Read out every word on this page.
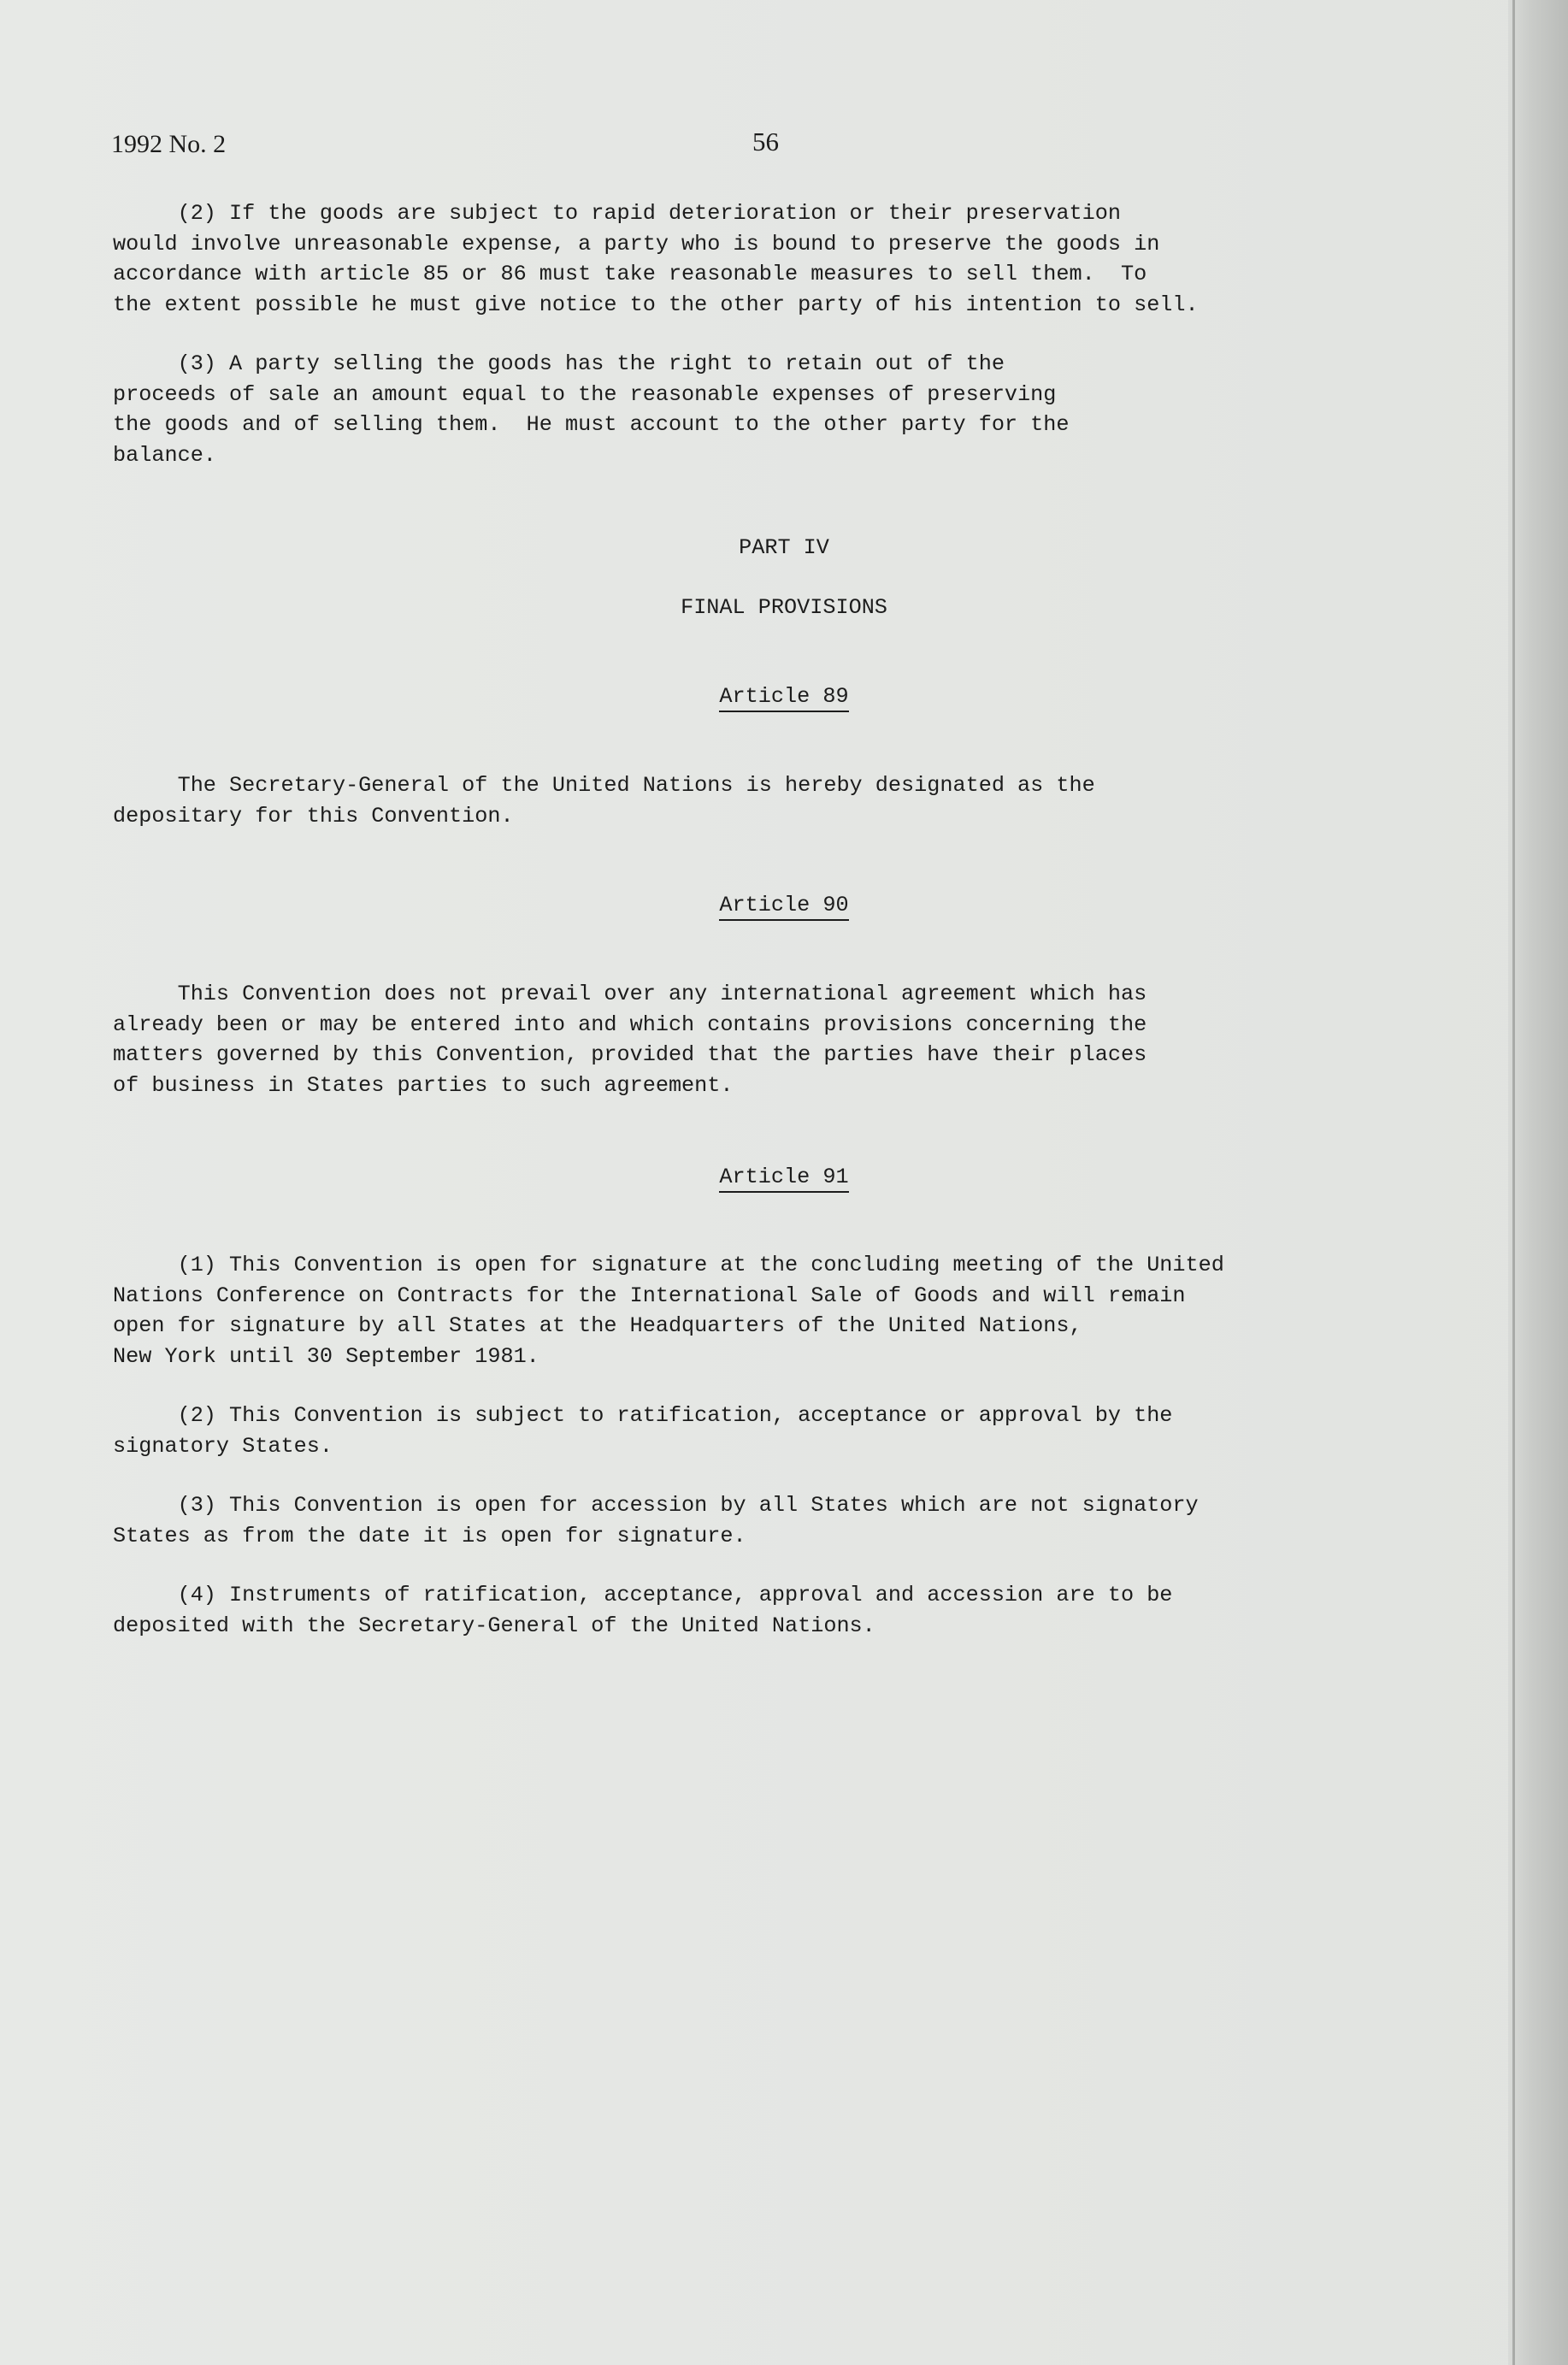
1992 No. 2	56

(2) If the goods are subject to rapid deterioration or their preservation
would involve unreasonable expense, a party who is bound to preserve the goods in
accordance with article 85 or 86 must take reasonable measures to sell them.  To
the extent possible he must give notice to the other party of his intention to sell.

(3) A party selling the goods has the right to retain out of the
proceeds of sale an amount equal to the reasonable expenses of preserving
the goods and of selling them.  He must account to the other party for the
balance.

PART IV

FINAL PROVISIONS

Article 89

The Secretary-General of the United Nations is hereby designated as the
depositary for this Convention.

Article 90

This Convention does not prevail over any international agreement which has
already been or may be entered into and which contains provisions concerning the
matters governed by this Convention, provided that the parties have their places
of business in States parties to such agreement.

Article 91

(1) This Convention is open for signature at the concluding meeting of the United
Nations Conference on Contracts for the International Sale of Goods and will remain
open for signature by all States at the Headquarters of the United Nations,
New York until 30 September 1981.

(2) This Convention is subject to ratification, acceptance or approval by the
signatory States.

(3) This Convention is open for accession by all States which are not signatory
States as from the date it is open for signature.

(4) Instruments of ratification, acceptance, approval and accession are to be
deposited with the Secretary-General of the United Nations.
